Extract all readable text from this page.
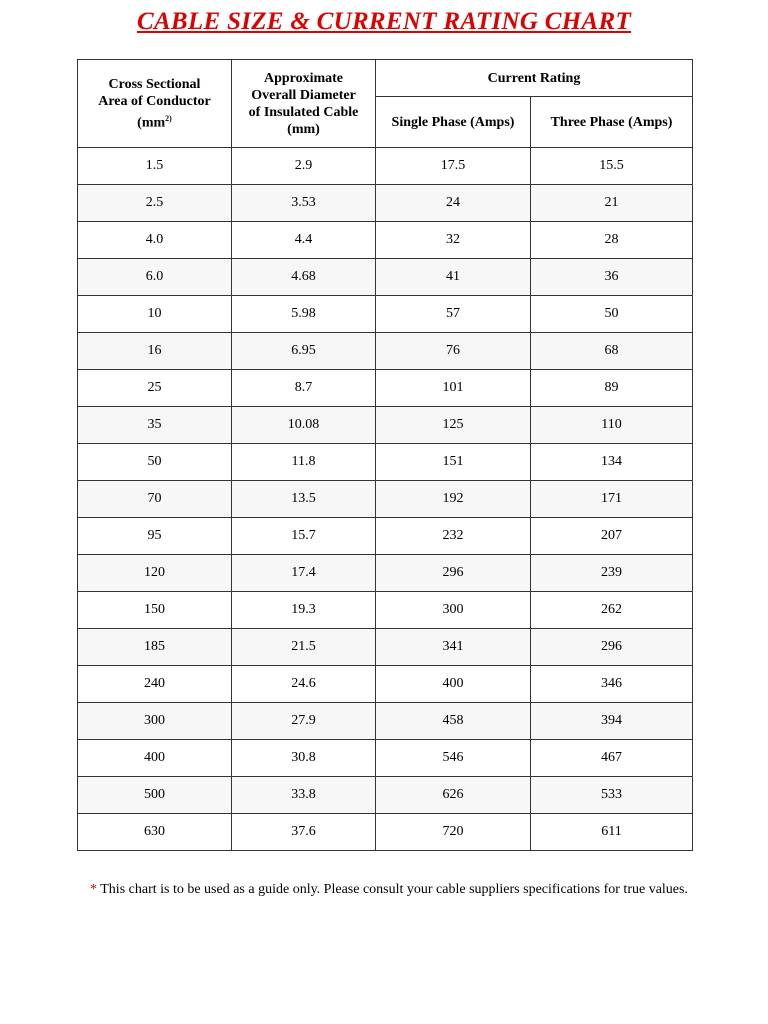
CABLE SIZE & CURRENT RATING CHART
Cross Sectional
Area of Conductor
($mm^{2)}$	Approximate
Overall Diameter
of Insulated Cable
(mm)	Current Rating	
		Single Phase (Amps)	Three Phase (Amps)
1.5	2.9	17.5	15.5
2.5	3.53	24	21
4.0	4.4	32	28
6.0	4.68	41	36
10	5.98	57	50
16	6.95	76	68
25	8.7	101	89
35	10.08	125	110
50	11.8	151	134
70	13.5	192	171
95	15.7	232	207
120	17.4	296	239
150	19.3	300	262
185	21.5	341	296
240	24.6	400	346
300	27.9	458	394
400	30.8	546	467
500	33.8	626	533
630	37.6	720	611
* This chart is to be used as a guide only. Please consult your cable suppliers specifications for true values.
